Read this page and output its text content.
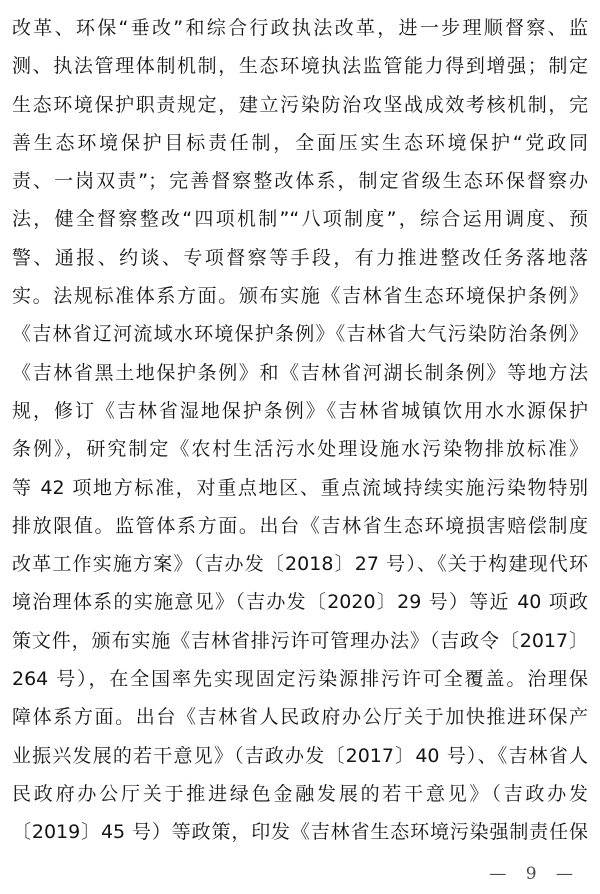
改革、环保“垂改”和综合行政执法改革，进一步理顺督察、监
测、执法管理体制机制，生态环境执法监管能力得到增强；制定
生态环境保护职责规定，建立污染防治攻坚战成效考核机制，完
善生态环境保护目标责任制，全面压实生态环境保护“党政同
责、一岗双责”；完善督察整改体系，制定省级生态环保督察办
法，健全督察整改“四项机制”“八项制度”，综合运用调度、预
警、通报、约谈、专项督察等手段，有力推进整改任务落地落
实。法规标准体系方面。颁布实施《吉林省生态环境保护条例》
《吉林省辽河流域水环境保护条例》《吉林省大气污染防治条例》
《吉林省黑土地保护条例》和《吉林省河湖长制条例》等地方法
规，修订《吉林省湿地保护条例》《吉林省城镇饮用水水源保护
条例》，研究制定《农村生活污水处理设施水污染物排放标准》
等 42 项地方标准，对重点地区、重点流域持续实施污染物特别
排放限值。监管体系方面。出台《吉林省生态环境损害赔偿制度
改革工作实施方案》（吉办发〔2018〕27 号）、《关于构建现代环
境治理体系的实施意见》（吉办发〔2020〕29 号）等近 40 项政
策文件，颁布实施《吉林省排污许可管理办法》（吉政令〔2017〕
264 号），在全国率先实现固定污染源排污许可全覆盖。治理保
障体系方面。出台《吉林省人民政府办公厅关于加快推进环保产
业振兴发展的若干意见》（吉政办发〔2017〕40 号）、《吉林省人
民政府办公厅关于推进绿色金融发展的若干意见》（吉政办发
〔2019〕45 号）等政策，印发《吉林省生态环境污染强制责任保
— 9 —
